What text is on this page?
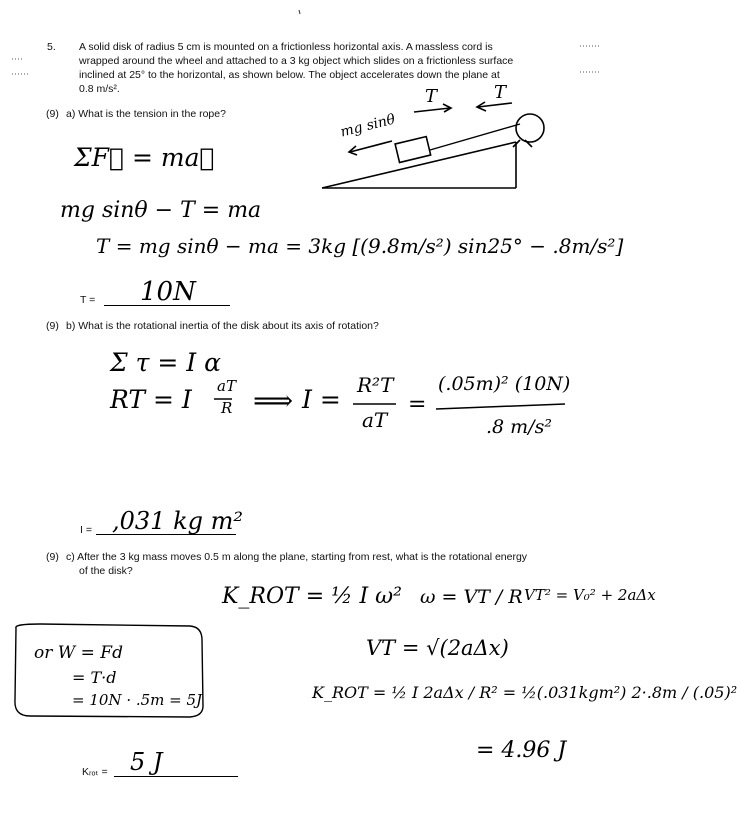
5. A solid disk of radius 5 cm is mounted on a frictionless horizontal axis. A massless cord is
wrapped around the wheel and attached to a 3 kg object which slides on a frictionless surface
inclined at 25° to the horizontal, as shown below. The object accelerates down the plane at
0.8 m/s².
(9) a) What is the tension in the rope?	mg sinθ
T	T
ΣF⃗ = ma⃗
mg sinθ − T = ma
T = mg sinθ − ma = 3kg [(9.8m/s²) sin25° − .8m/s²]
T = 10N
(9) b) What is the rotational inertia of the disk about its axis of rotation?
Σ τ = I α
RT = I aT
R ⟹ I = R²T
aT
=
(.05m)² (10N)
.8 m/s²
I = ,031 kg m²
(9) c) After the 3 kg mass moves 0.5 m along the plane, starting from rest, what is the rotational energy
of the disk?
K_ROT = ½ I ω² ω = VT / R VT² = V₀² + 2aΔx
VT = √(2aΔx)
K_ROT = ½ I 2aΔx / R² = ½(.031kgm²) 2·.8m / (.05)²
= 4.96 J
or W = Fd
= T·d
= 10N · .5m = 5J
Kᵣₒₜ = 5 J
